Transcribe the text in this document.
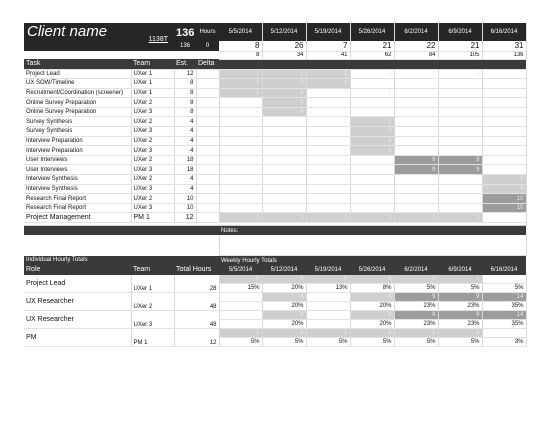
Client name 1138T		136	Hours	5/5/2014	5/12/2014	5/19/2014	5/26/2014	6/2/2014	6/9/2014	6/16/2014
		136	0	8	26	7	21	22	21	31
				8	34	41	62	84	105	136
Task	Team	Est.	Delta							
Project Lead	UXer 1	12		2	2	2	2	2	2	
UX SOW/Timeline	UXer 1	8		2	2	4				
Recruitment/Coordination (screener)	UXer 1	8		2	2	2	2			
Online Survey Preparation	UXer 2	8			4					
Online Survey Preparation	UXer 3	8			4					
Survey Synthesis	UXer 2	4					2			
Survey Synthesis	UXer 3	4					2			
Interview Preparation	UXer 2	4					2			
Interview Preparation	UXer 3	4					2			
User Interviews	UXer 2	18						9	9	
User Interviews	UXer 3	18						9	9	
Interview Synthesis	UXer 2	4								4
Interview Synthesis	UXer 3	4								4
Research Final Report	UXer 2	10								10
Research Final Report	UXer 3	10								10
Project Management	PM 1	12		2	2	2	2	2	2	

				Notes:						

Individual Hourly Totals				Weekly Hourly Totals						
Role	Team	Total Hours		5/5/2014	5/12/2014	5/19/2014	5/26/2014	6/2/2014	6/9/2014	6/16/2014
Project Lead	UXer 1	28		6	6	8	4	2	2	
				15%	20%	13%	8%	5%	5%	5%
UX Researcher	UXer 2	48			4		4	9	9	14
					20%		20%	23%	23%	35%
UX Researcher	UXer 3	48			4		4	9	9	14
					20%		20%	23%	23%	35%
PM	PM 1	12		2	2	2	2	2	2	
				5%	5%	5%	5%	5%	5%	3%
